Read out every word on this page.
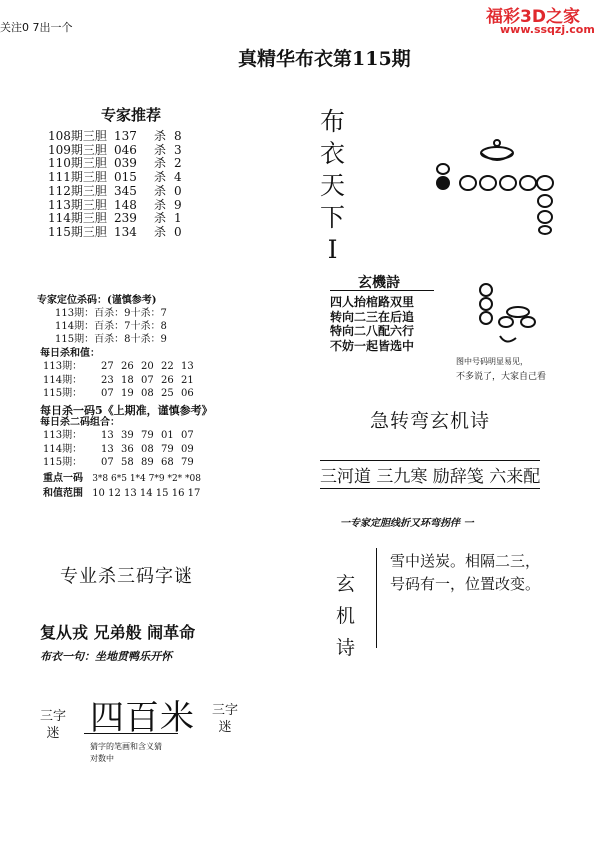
关注0 7出一个
福彩3D之家
www.ssqzj.com
真精华布衣第115期
专家推荐
108期三胆 137	杀 8
109期三胆 046	杀 3
110期三胆 039	杀 2
111期三胆 015	杀 4
112期三胆 345	杀 0
113期三胆 148	杀 9
114期三胆 239	杀 1
115期三胆 134	杀 0
专家定位杀码：(谨慎参考)
113期：百杀：9十杀：7
114期：百杀：7十杀：8
115期：百杀：8十杀：9
每日杀和值：
113期：	27 26 20 22 13
114期：	23 18 07 26 21
115期：	07 19 08 25 06
每日杀一码5《上期准，谨慎参考》
每日杀二码组合：
113期：	13 39 79 01 07
114期：	13 36 08 79 09
115期：	07 58 89 68 79
重点一码 3*8 6*5 1*4 7*9 *2* *08
和值范围 10 12 13 14 15 16 17
专业杀三码字谜
复从戎 兄弟般 闹革命
布衣一句：坐地贯鸭乐开怀
三字
迷 四百米
猜字的笔画和含义猜
对数中
三字
迷
布
衣
天
下
I
玄機詩
四人抬棺路双里
转向二三在后追
特向二八配六行
不妨一起皆选中
图中号码明显易见，
不多说了，大家自己看
急转弯玄机诗
三河道 三九寒 励辞笺 六来配
一专家定胆线折又环弯拐伴 一
玄
机
诗
雪中送炭。相隔二三，
号码有一，位置改变。
